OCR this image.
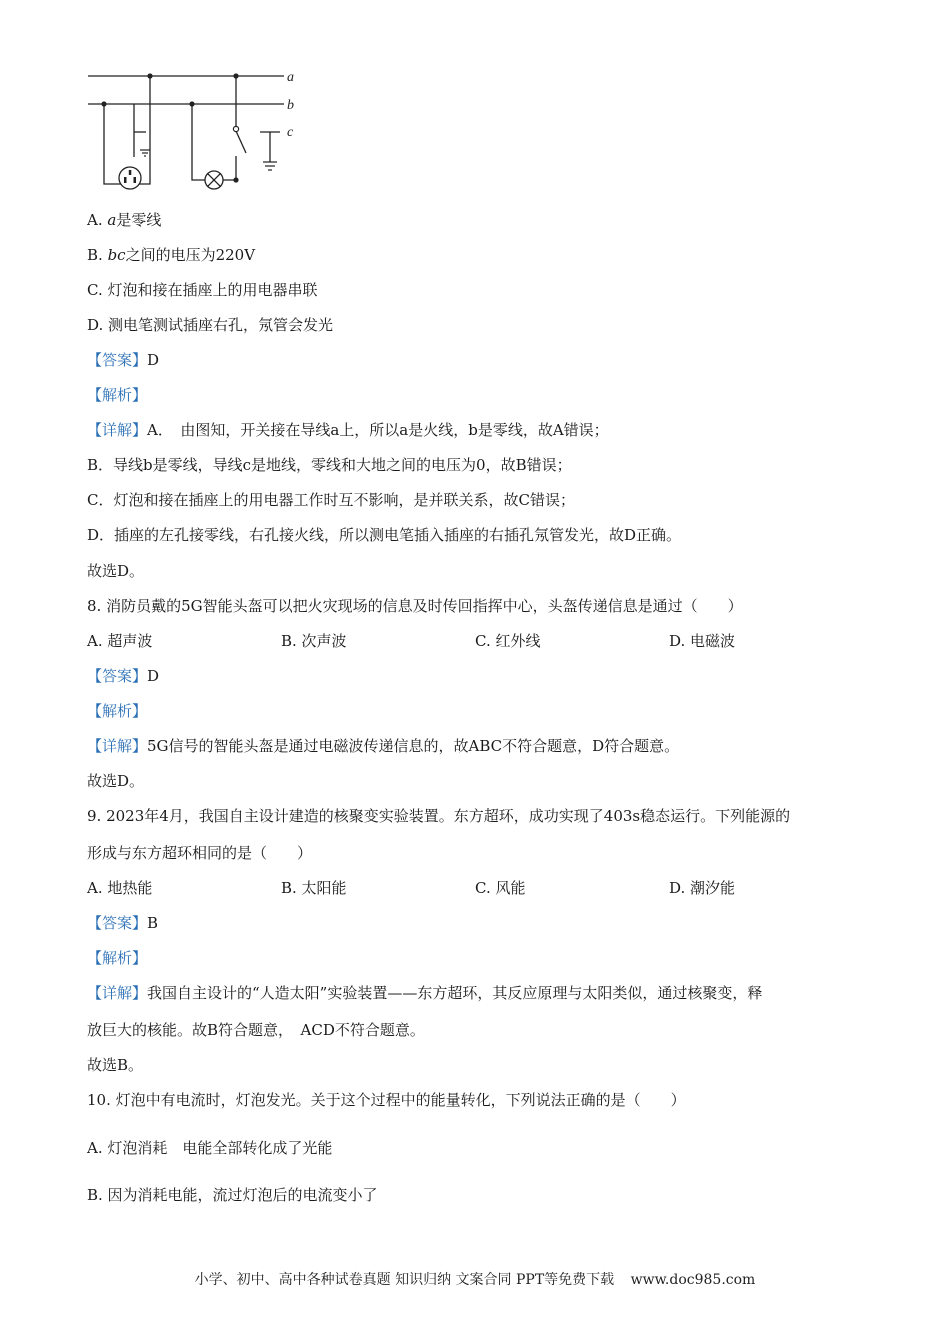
a
b
c
A. a是零线
B. bc之间的电压为220V
C. 灯泡和接在插座上的用电器串联
D. 测电笔测试插座右孔，氖管会发光
【答案】D
【解析】
【详解】A．　由图知，开关接在导线a上，所以a是火线，b是零线，故A错误；
B．导线b是零线，导线c是地线，零线和大地之间的电压为0，故B错误；
C．灯泡和接在插座上的用电器工作时互不影响，是并联关系，故C错误；
D．插座的左孔接零线，右孔接火线，所以测电笔插入插座的右插孔氖管发光，故D正确。
故选D。
8. 消防员戴的5G智能头盔可以把火灾现场的信息及时传回指挥中心，头盔传递信息是通过（　　）
A. 超声波	B. 次声波	C. 红外线	D. 电磁波
【答案】D
【解析】
【详解】5G信号的智能头盔是通过电磁波传递信息的，故ABC不符合题意，D符合题意。
故选D。
9. 2023年4月，我国自主设计建造的核聚变实验装置。东方超环，成功实现了403s稳态运行。下列能源的
形成与东方超环相同的是（　　）
A. 地热能	B. 太阳能	C. 风能	D. 潮汐能
【答案】B
【解析】
【详解】我国自主设计的“人造太阳”实验装置——东方超环，其反应原理与太阳类似，通过核聚变，释
放巨大的核能。故B符合题意，　ACD不符合题意。
故选B。
10. 灯泡中有电流时，灯泡发光。关于这个过程中的能量转化，下列说法正确的是（　　）
A. 灯泡消耗　电能全部转化成了光能
B. 因为消耗电能，流过灯泡后的电流变小了
小学、初中、高中各种试卷真题 知识归纳 文案合同 PPT等免费下载 www.doc985.com
